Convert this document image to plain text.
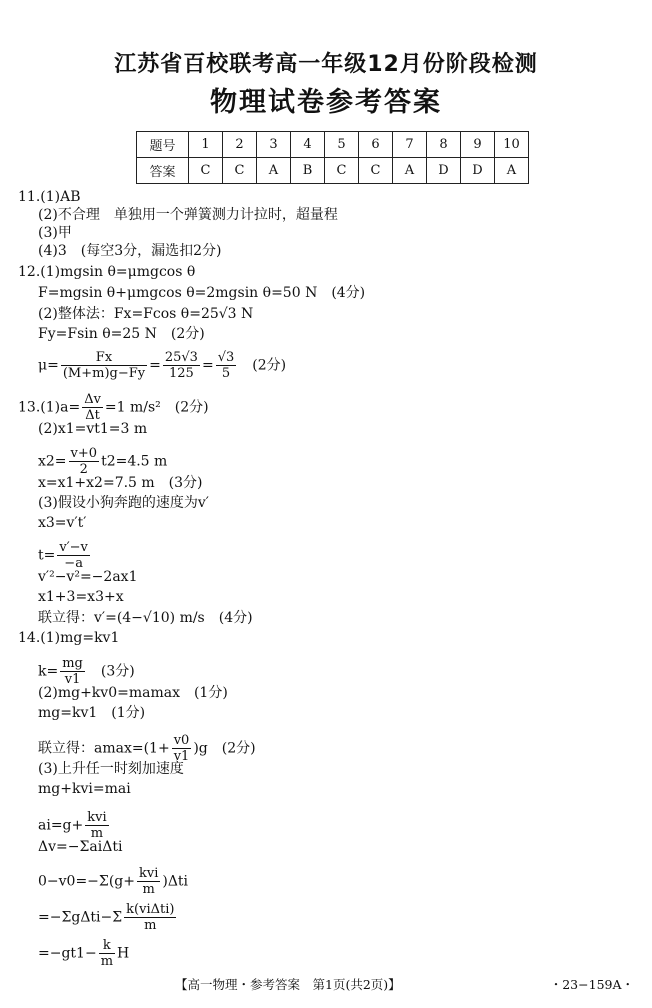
江苏省百校联考高一年级12月份阶段检测
物理试卷参考答案
题号	1	2	3	4	5	6	7	8	9	10
答案	C	C	A	B	C	C	A	D	D	A
11.(1)AB
(2)不合理　单独用一个弹簧测力计拉时，超量程
(3)甲
(4)3　(每空3分，漏选扣2分)
12.(1)mgsin θ=μmgcos θ
F=mgsin θ+μmgcos θ=2mgsin θ=50 N　(4分)
(2)整体法：Fx=Fcos θ=25√3 N
Fy=Fsin θ=25 N　(2分)
$\mu= \frac{Fx}{(M+m)g-Fy} = \frac{25√3}{125} = \frac{√3}{5}$
　 (2分)
$13.(1)a= \frac{\Delta v}{\Delta t} =1$ m/s²　(2分)
(2)x1=vt1=3 m
$x2= \frac{v+0}{2} t2=4.5$ m
x=x1+x2=7.5 m　(3分)
(3)假设小狗奔跑的速度为v′
x3=v′t′
$t= \frac{v'-v}{-a}$
v′²−v²=−2ax1
x1+3=x3+x
联立得：v′=(4−√10) m/s　(4分)
14.(1)mg=kv1
$k= \frac{mg}{v1}$ 　(3分)
(2)mg+kv0=mamax　(1分)
mg=kv1　(1分)
联立得：$amax=(1+ \frac{v0}{v1} )g$　(2分)
(3)上升任一时刻加速度
mg+kvi=mai
$ai=g+ \frac{\text{kvi}}{m}$
Δv=−ΣaiΔti
$0-v0=-\Sigma(g+ \frac{\text{kvi}}{m} )\Delta ti$
$=-\Sigma g\Delta ti-\Sigma \frac{\text{k(viΔti)}}{m}$
$=-gt1- \frac{k}{m}$ H
【高一物理・参考答案　第1页(共2页)】	・23−159A・
